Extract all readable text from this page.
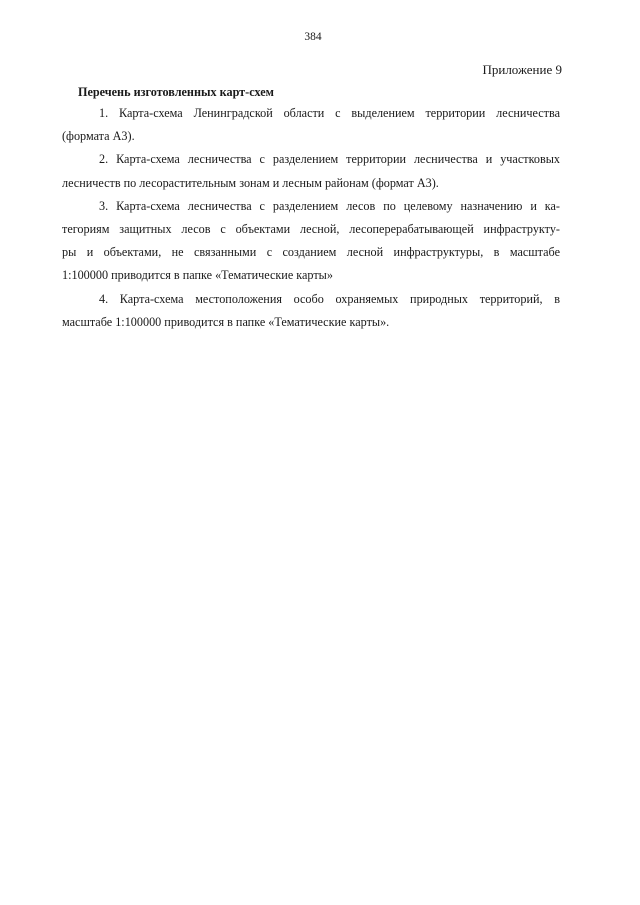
384
Приложение 9
Перечень изготовленных карт-схем

1. Карта-схема Ленинградской области с выделением территории лесничества
(формата А3).

2. Карта-схема лесничества с разделением территории лесничества и участковых
лесничеств по лесорастительным зонам и лесным районам (формат А3).

3. Карта-схема лесничества с разделением лесов по целевому назначению и ка-
тегориям защитных лесов с объектами лесной, лесоперерабатывающей инфраструкту-
ры и объектами, не связанными с созданием лесной инфраструктуры, в масштабе
1:100000 приводится в папке «Тематические карты»

4. Карта-схема местоположения особо охраняемых природных территорий, в
масштабе 1:100000 приводится в папке «Тематические карты».
